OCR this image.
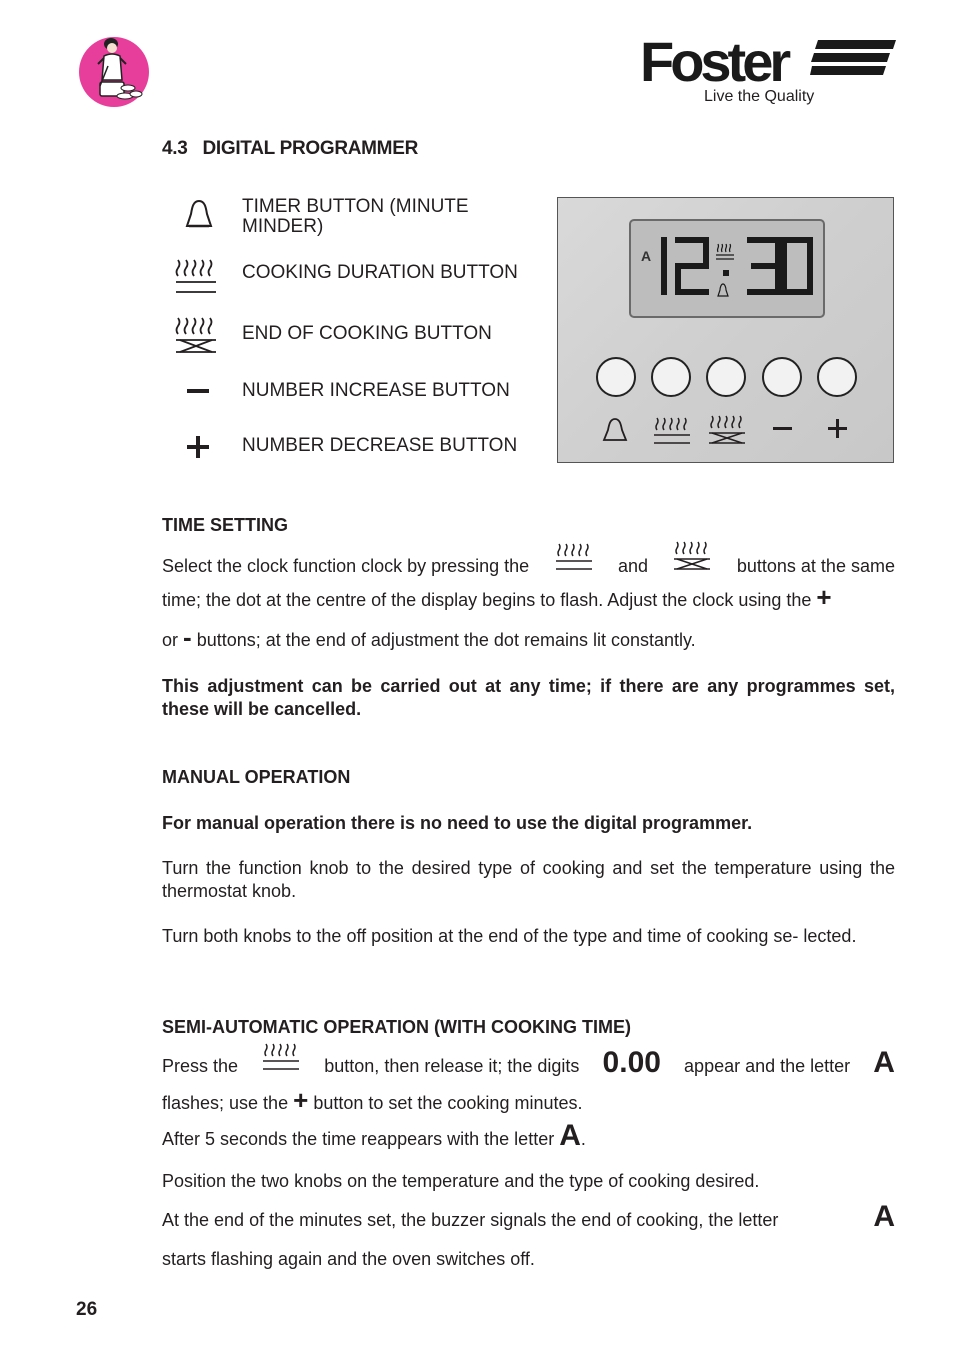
Foster
Live the Quality
4.3   DIGITAL PROGRAMMER
TIMER BUTTON (MINUTE MINDER)
COOKING DURATION BUTTON
END OF COOKING BUTTON
NUMBER INCREASE BUTTON
NUMBER DECREASE BUTTON
A
TIME SETTING
Select the clock function clock by pressing the	and	buttons at the same
time; the dot at the centre of the display begins to flash. Adjust the clock using the +
or - buttons; at the end of adjustment the dot remains lit constantly.
This adjustment can be carried out at any time; if there are any programmes set, these will be cancelled.
MANUAL OPERATION
For manual operation there is no need to use the digital programmer.
Turn the function knob to the desired type of cooking and set the temperature using the thermostat knob.
Turn both knobs to the off position at the end of the type and time of cooking se- lected.
SEMI-AUTOMATIC OPERATION (WITH COOKING TIME)
Press the	button, then release it; the digits 0.00 appear and the letter A
flashes; use the + button to set the cooking minutes.
After 5 seconds the time reappears with the letter A.
Position the two knobs on the temperature and the type of cooking desired.
At the end of the minutes set, the buzzer signals the end of cooking, the letter	A
starts flashing again and the oven switches off.
26
